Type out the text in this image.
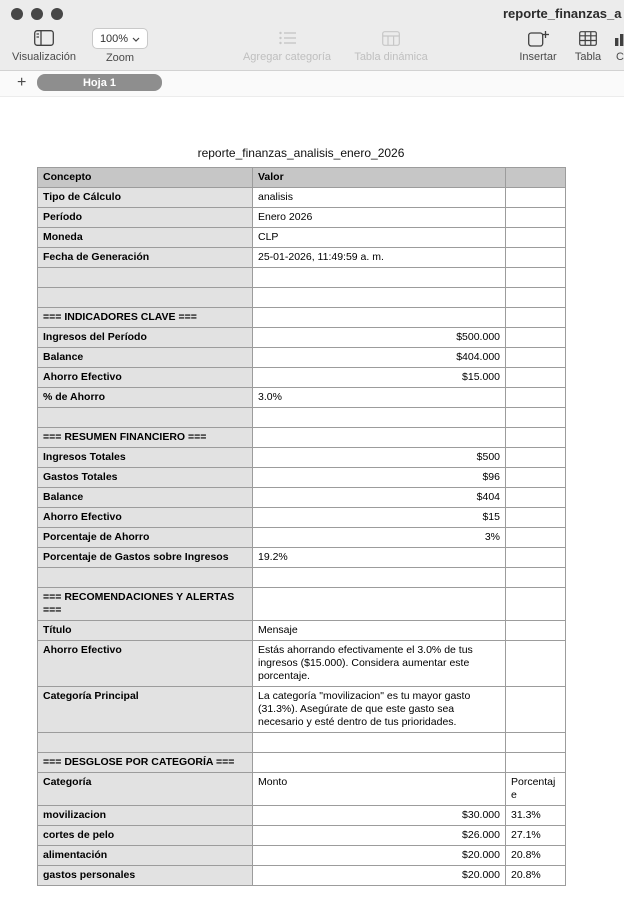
reporte_finanzas_a
Visualización
100%
Zoom	Agregar categoría Tabla dinámica	Insertar Tabla	C
+	Hoja 1
reporte_finanzas_analisis_enero_2026
Concepto	Valor	
Tipo de Cálculo	analisis	
Período	Enero 2026	
Moneda	CLP	
Fecha de Generación	25-01-2026, 11:49:59 a. m.	

=== INDICADORES CLAVE ===		
Ingresos del Período	$500.000	
Balance	$404.000	
Ahorro Efectivo	$15.000	
% de Ahorro	3.0%	

=== RESUMEN FINANCIERO ===		
Ingresos Totales	$500	
Gastos Totales	$96	
Balance	$404	
Ahorro Efectivo	$15	
Porcentaje de Ahorro	3%	
Porcentaje de Gastos sobre Ingresos	19.2%	

=== RECOMENDACIONES Y ALERTAS ===		
Título	Mensaje	
Ahorro Efectivo	Estás ahorrando efectivamente el 3.0% de tus ingresos ($15.000). Considera aumentar este porcentaje.	
Categoría Principal	La categoría "movilizacion" es tu mayor gasto (31.3%). Asegúrate de que este gasto sea necesario y esté dentro de tus prioridades.	

=== DESGLOSE POR CATEGORÍA ===		
Categoría	Monto	Porcentaje
movilizacion	$30.000	31.3%
cortes de pelo	$26.000	27.1%
alimentación	$20.000	20.8%
gastos personales	$20.000	20.8%
